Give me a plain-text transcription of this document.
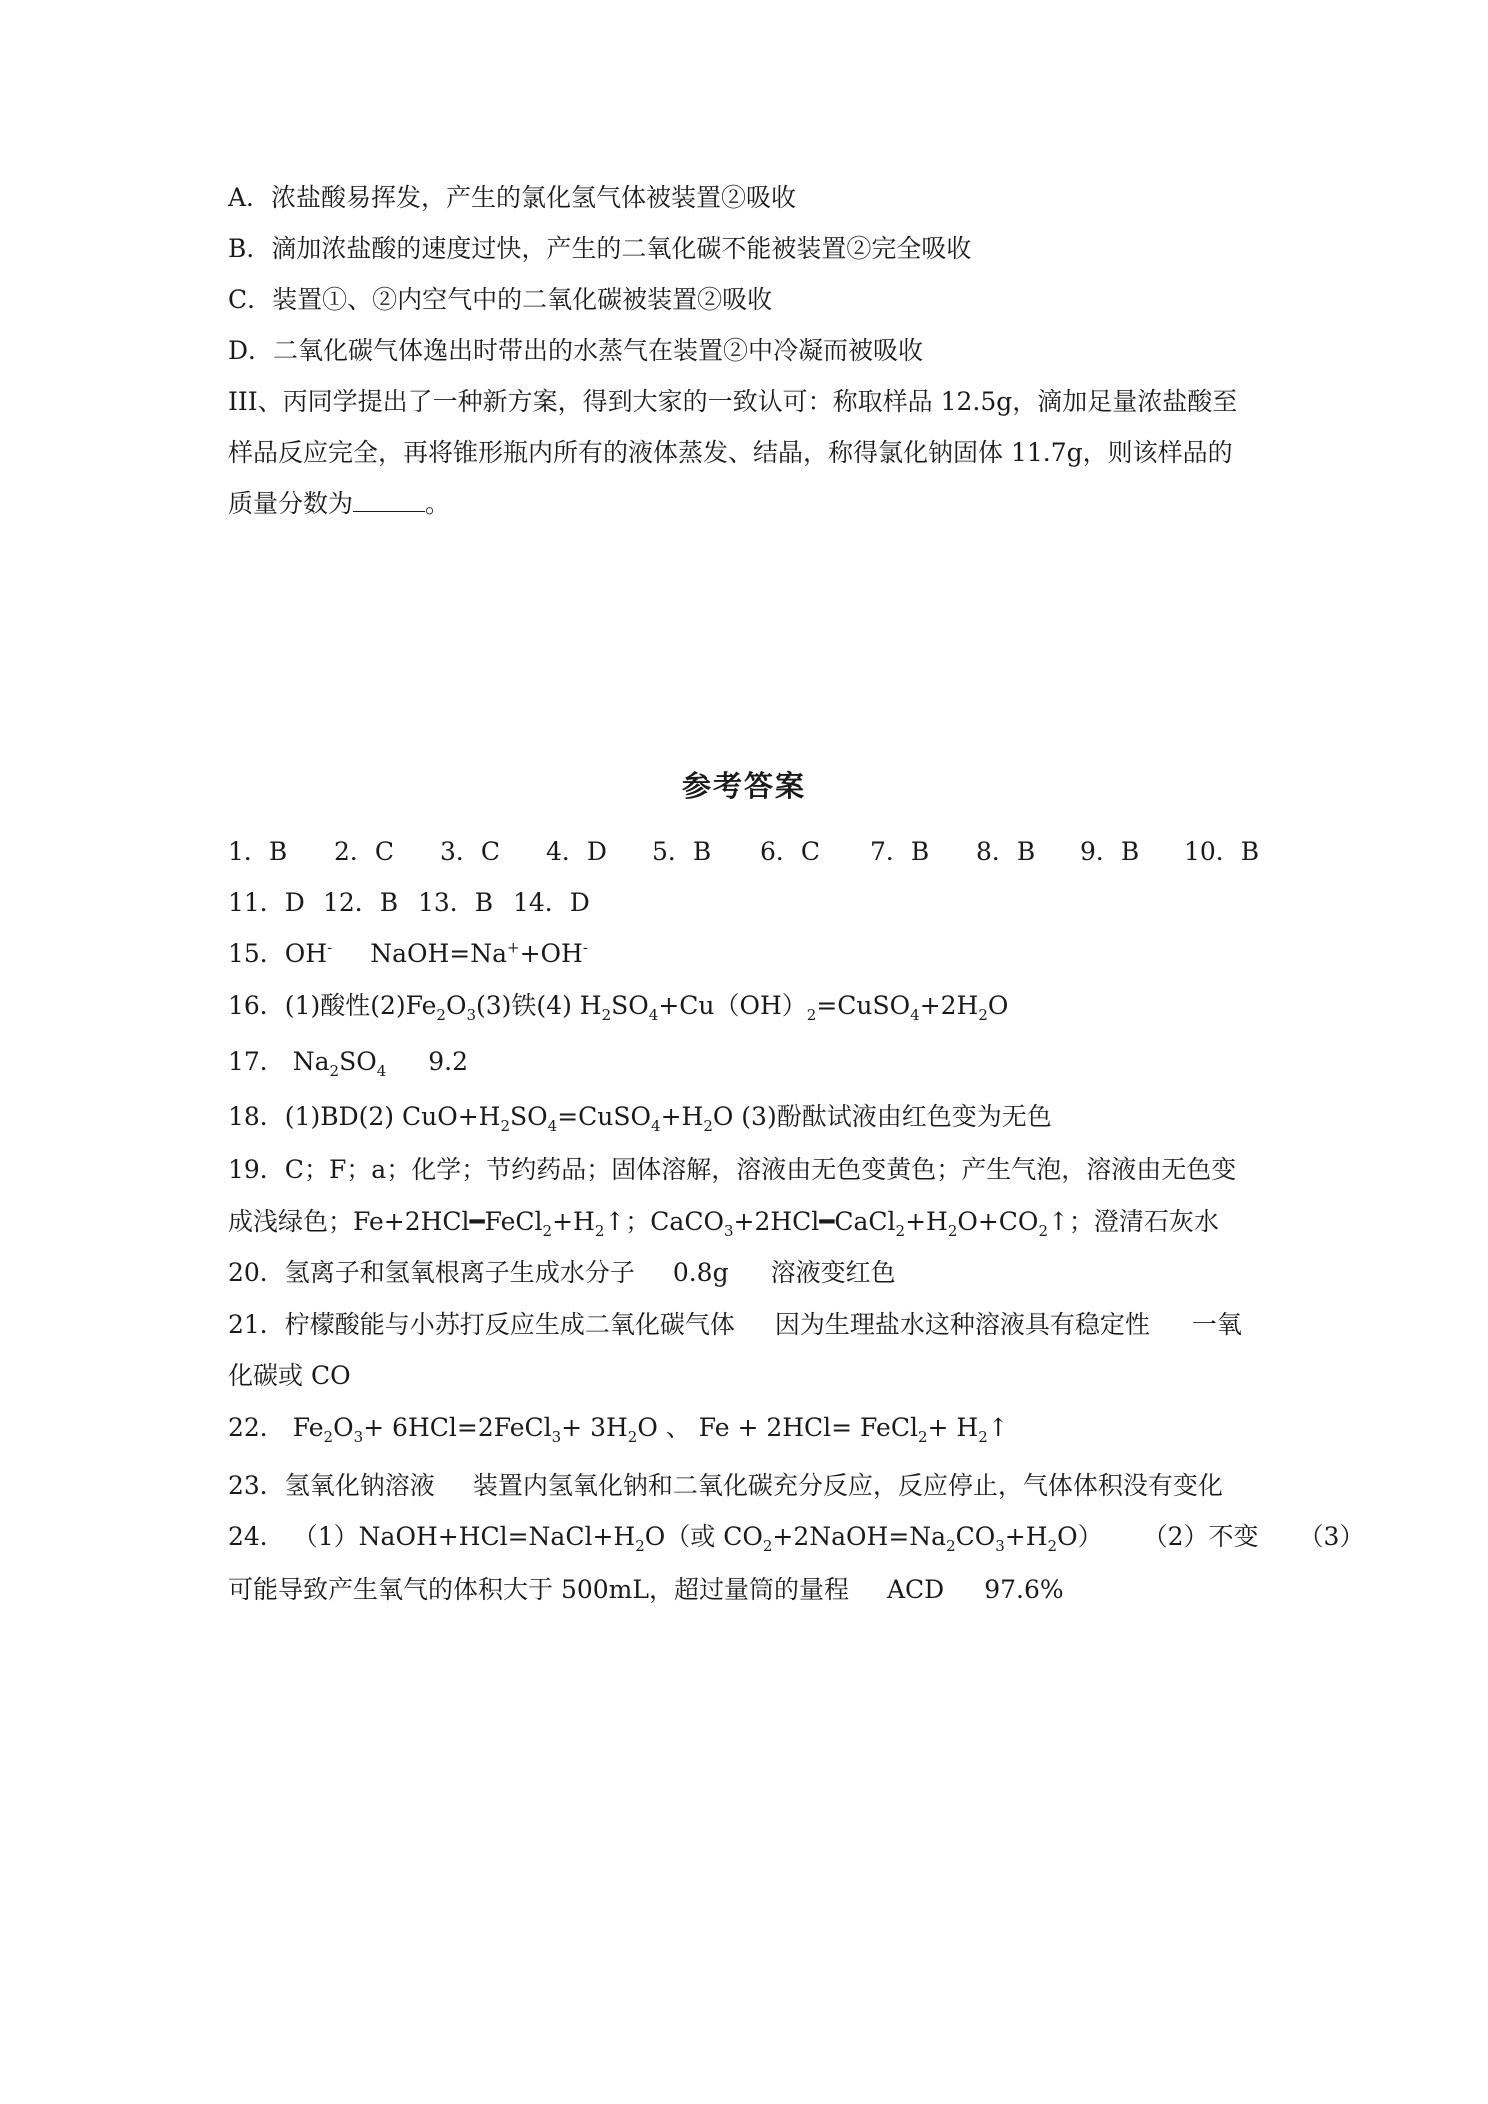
A．浓盐酸易挥发，产生的氯化氢气体被装置②吸收
B．滴加浓盐酸的速度过快，产生的二氧化碳不能被装置②完全吸收
C．装置①、②内空气中的二氧化碳被装置②吸收
D．二氧化碳气体逸出时带出的水蒸气在装置②中冷凝而被吸收
III、丙同学提出了一种新方案，得到大家的一致认可：称取样品 12.5g，滴加足量浓盐酸至
样品反应完全，再将锥形瓶内所有的液体蒸发、结晶，称得氯化钠固体 11.7g，则该样品的
质量分数为	。
参考答案
1．B 2．C 3．C 4．D 5．B 6．C 7．B 8．B 9．B 10．B
11．D 12．B 13．B 14．D
15．OH- NaOH=Na++OH-
16．(1)酸性$(2)Fe_2O_3(3)$铁(4) $H_2SO_4+Cu(OH)_2=CuSO_4+2H_2O$
17． $Na_2SO_4$ 9.2
18．(1)BD(2) $CuO+H_2SO_4=CuSO_4+H_2O$ (3)酚酞试液由红色变为无色
19．C；F；a；化学；节约药品；固体溶解，溶液由无色变黄色；产生气泡，溶液由无色变
成浅绿色；$Fe+2HCl━FeCl_2+H_2↑$；$CaCO_3+2HCl━CaCl_2+H_2O+CO_2↑$；澄清石灰水
20．氢离子和氢氧根离子生成水分子 0.8g 溶液变红色
21．柠檬酸能与小苏打反应生成二氧化碳气体 因为生理盐水这种溶液具有稳定性 一氧
化碳或 CO
22． $Fe_2O_3+$ 6HCl=2FeCl$_3$+ $3H_2O$ 、 Fe + 2HCl= FeCl$_2$+ $H_2↑$
23．氢氧化钠溶液 装置内氢氧化钠和二氧化碳充分反应，反应停止，气体体积没有变化
24． $(1)NaOH+HCl=NaCl+H_2O$（或 $CO_2+2NaOH=Na_2CO_3+H_2O$） （2）不变 （3）
可能导致产生氧气的体积大于 500mL，超过量筒的量程 ACD 97.6%
